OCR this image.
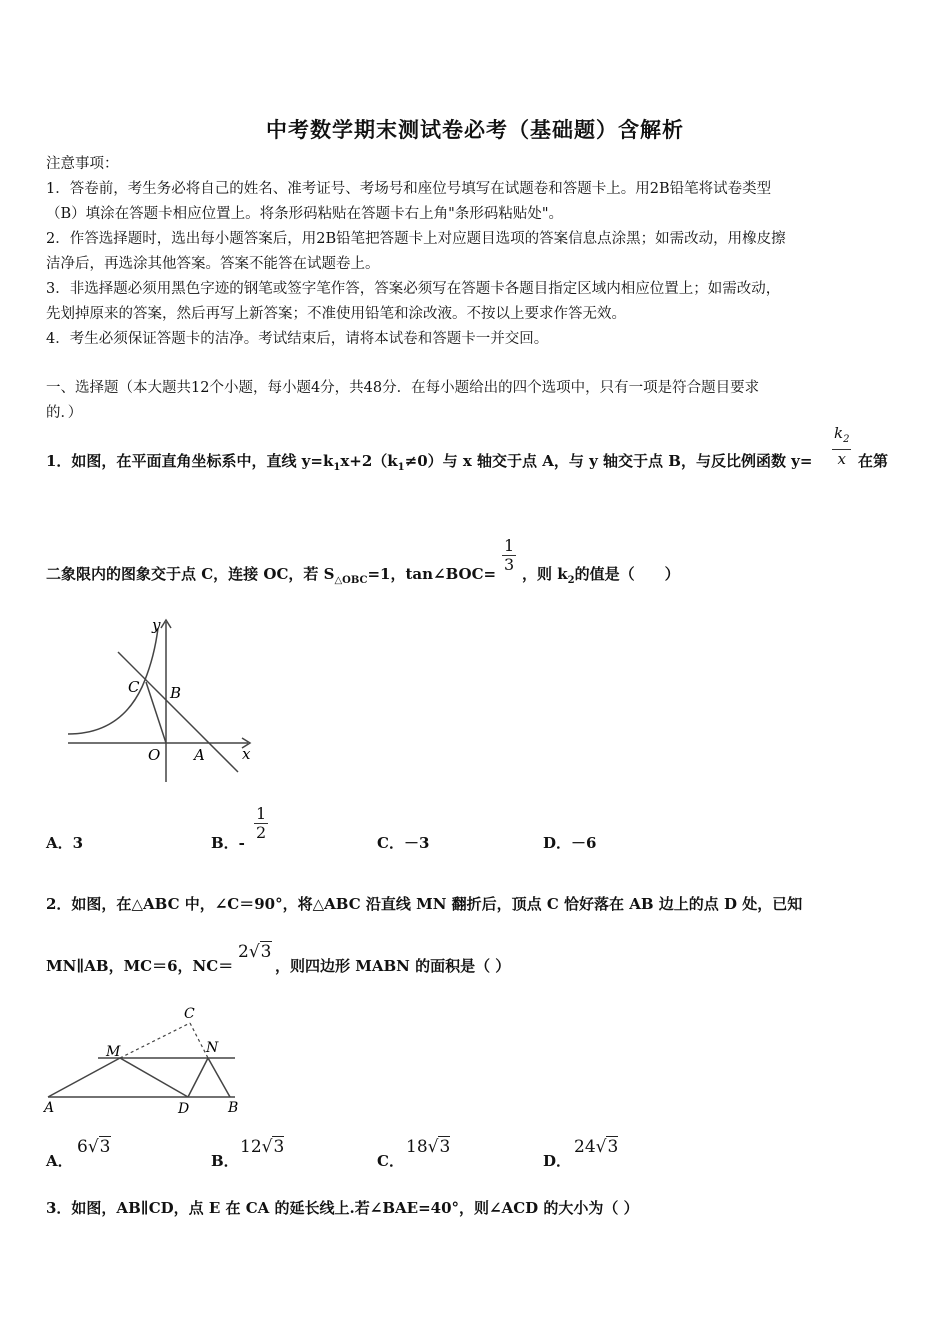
中考数学期末测试卷必考（基础题）含解析
注意事项：
1．答卷前，考生务必将自己的姓名、准考证号、考场号和座位号填写在试题卷和答题卡上。用2B铅笔将试卷类型
（B）填涂在答题卡相应位置上。将条形码粘贴在答题卡右上角"条形码粘贴处"。
2．作答选择题时，选出每小题答案后，用2B铅笔把答题卡上对应题目选项的答案信息点涂黑；如需改动，用橡皮擦
洁净后，再选涂其他答案。答案不能答在试题卷上。
3．非选择题必须用黑色字迹的钢笔或签字笔作答，答案必须写在答题卡各题目指定区域内相应位置上；如需改动，
先划掉原来的答案，然后再写上新答案；不准使用铅笔和涂改液。不按以上要求作答无效。
4．考生必须保证答题卡的洁净。考试结束后，请将本试卷和答题卡一并交回。
一、选择题（本大题共12个小题，每小题4分，共48分．在每小题给出的四个选项中，只有一项是符合题目要求
的．）
1．如图，在平面直角坐标系中，直线 $y=k_1x+2(k_1\ne 0)$与 x 轴交于点 A，与 y 轴交于点 B，与反比例函数 $y= \frac{k_2}{x}$ 在第
二象限内的图象交于点 C，连接 OC，若 $S_{\triangle OBC}=1$，tan∠BOC= $\frac{1}{3}$ ，则 $k_2$的值是（　　）
y
x
C B
O A
A．3	B．-
$\frac{1}{2}$
C．－3	D．－6
2．如图，在△ABC 中，∠C＝90°，将△ABC 沿直线 MN 翻折后，顶点 C 恰好落在 AB 边上的点 D 处，已知
MN∥AB，MC＝6，NC＝
2√3
，则四边形 MABN 的面积是（ ）
C
M	N
A	D	B
A．
6√3
B．
12√3
C．
18√3
D．
24√3
3．如图，AB∥CD，点 E 在 CA 的延长线上.若∠BAE=40°，则∠ACD 的大小为（ ）
